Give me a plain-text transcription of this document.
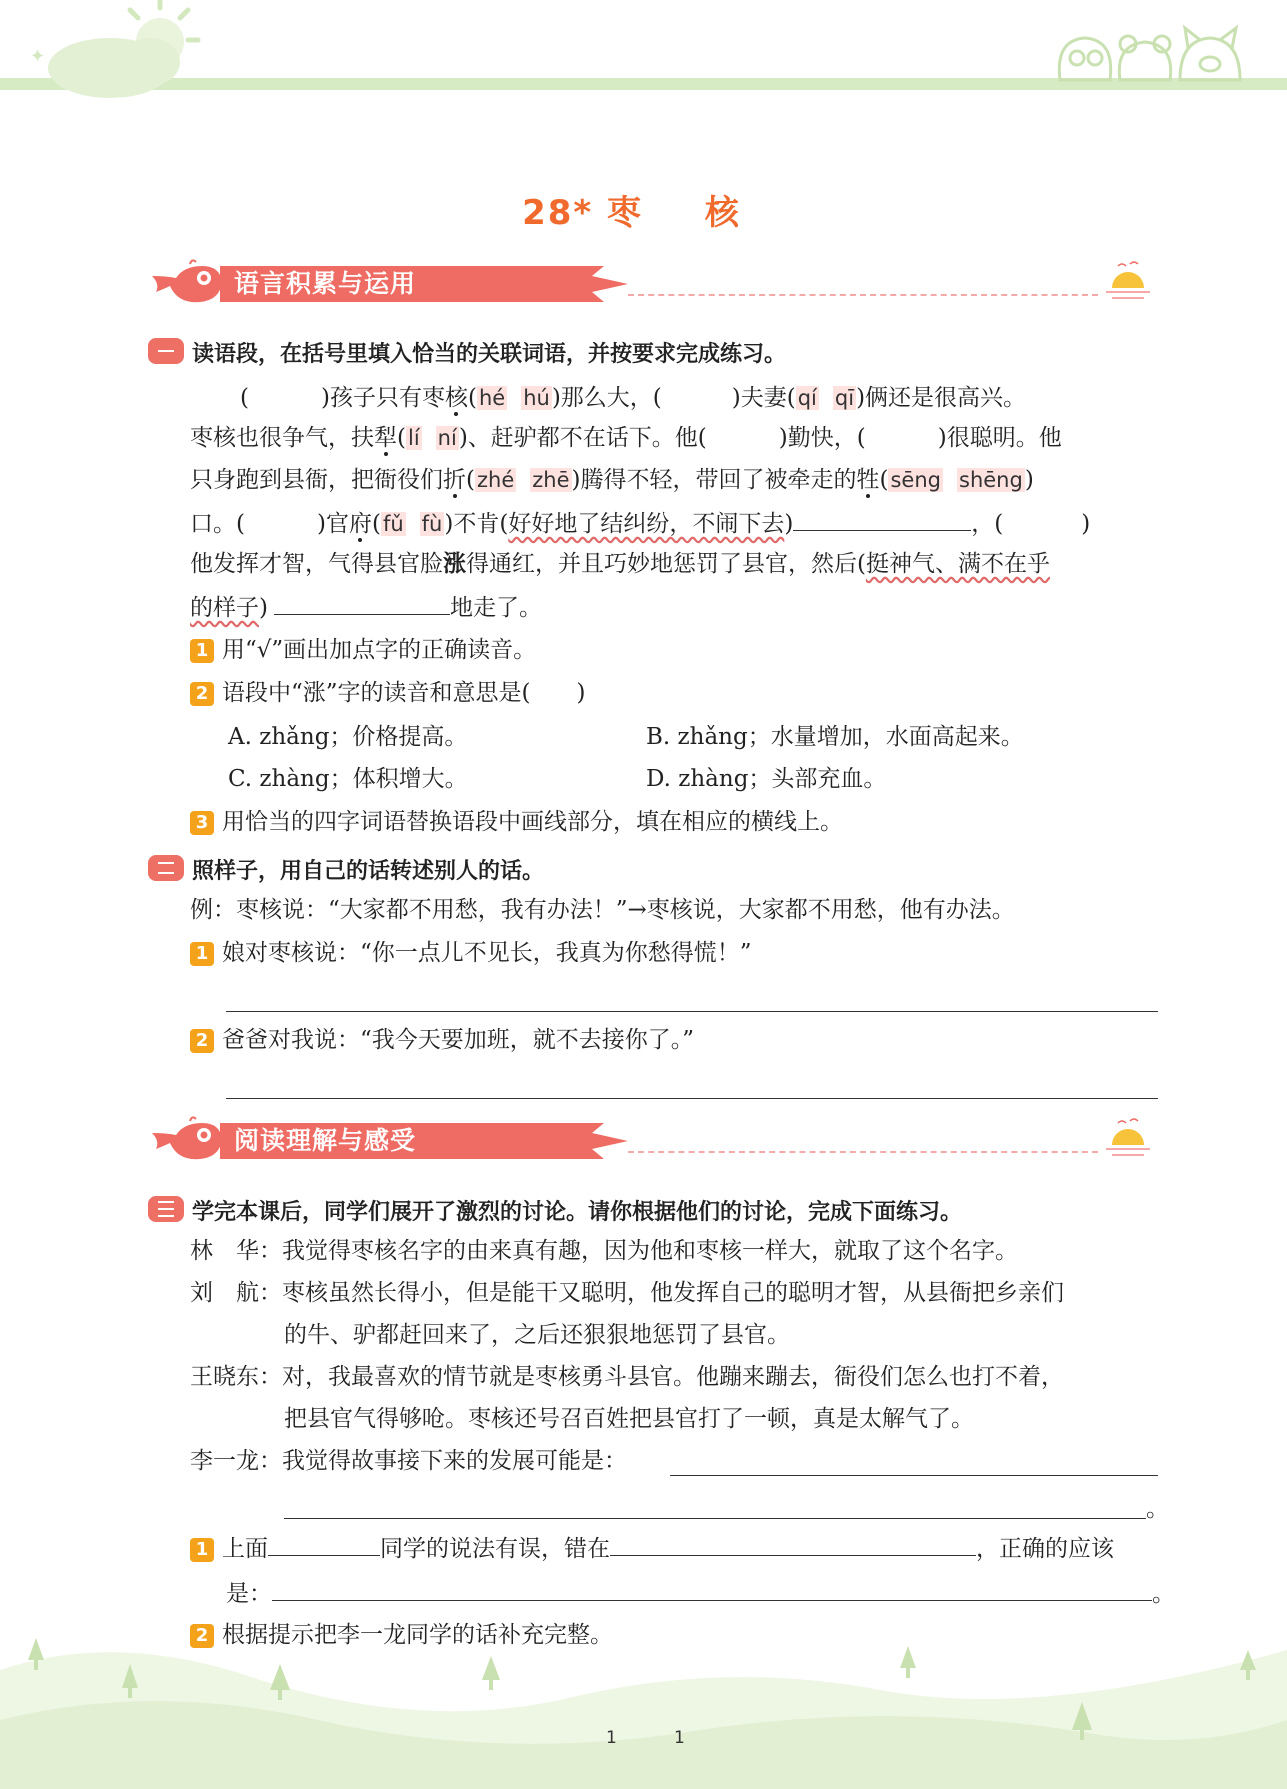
✦
28* 枣 核
语言积累与运用
读语段，在括号里填入恰当的关联词语，并按要求完成练习。
(	)孩子只有枣核(hé hú)那么大，(	)夫妻(qí qī)俩还是很高兴。
枣核也很争气，扶犁(lí ní)、赶驴都不在话下。他(	)勤快，(	)很聪明。他
只身跑到县衙，把衙役们折(zhé zhē)腾得不轻，带回了被牵走的牲(sēng shēng)
口。(	)官府(fǔ fù)不肯(好好地了结纠纷，不闹下去)	，(	)
他发挥才智，气得县官脸涨得通红，并且巧妙地惩罚了县官，然后(挺神气、满不在乎
的样子)	地走了。
1 用“√”画出加点字的正确读音。
2 语段中“涨”字的读音和意思是(　　)
A. zhǎng；价格提高。	B. zhǎng；水量增加，水面高起来。
C. zhàng；体积增大。	D. zhàng；头部充血。
3 用恰当的四字词语替换语段中画线部分，填在相应的横线上。
照样子，用自己的话转述别人的话。
例：枣核说：“大家都不用愁，我有办法！”→枣核说，大家都不用愁，他有办法。
1 娘对枣核说：“你一点儿不见长，我真为你愁得慌！”
2 爸爸对我说：“我今天要加班，就不去接你了。”
阅读理解与感受
学完本课后，同学们展开了激烈的讨论。请你根据他们的讨论，完成下面练习。
林　华：我觉得枣核名字的由来真有趣，因为他和枣核一样大，就取了这个名字。
刘　航：枣核虽然长得小，但是能干又聪明，他发挥自己的聪明才智，从县衙把乡亲们
的牛、驴都赶回来了，之后还狠狠地惩罚了县官。
王晓东：对，我最喜欢的情节就是枣核勇斗县官。他蹦来蹦去，衙役们怎么也打不着，
把县官气得够呛。枣核还号召百姓把县官打了一顿，真是太解气了。
李一龙：我觉得故事接下来的发展可能是：
。
1 上面	同学的说法有误，错在	，正确的应该
是：	。
2 根据提示把李一龙同学的话补充完整。
1	1
